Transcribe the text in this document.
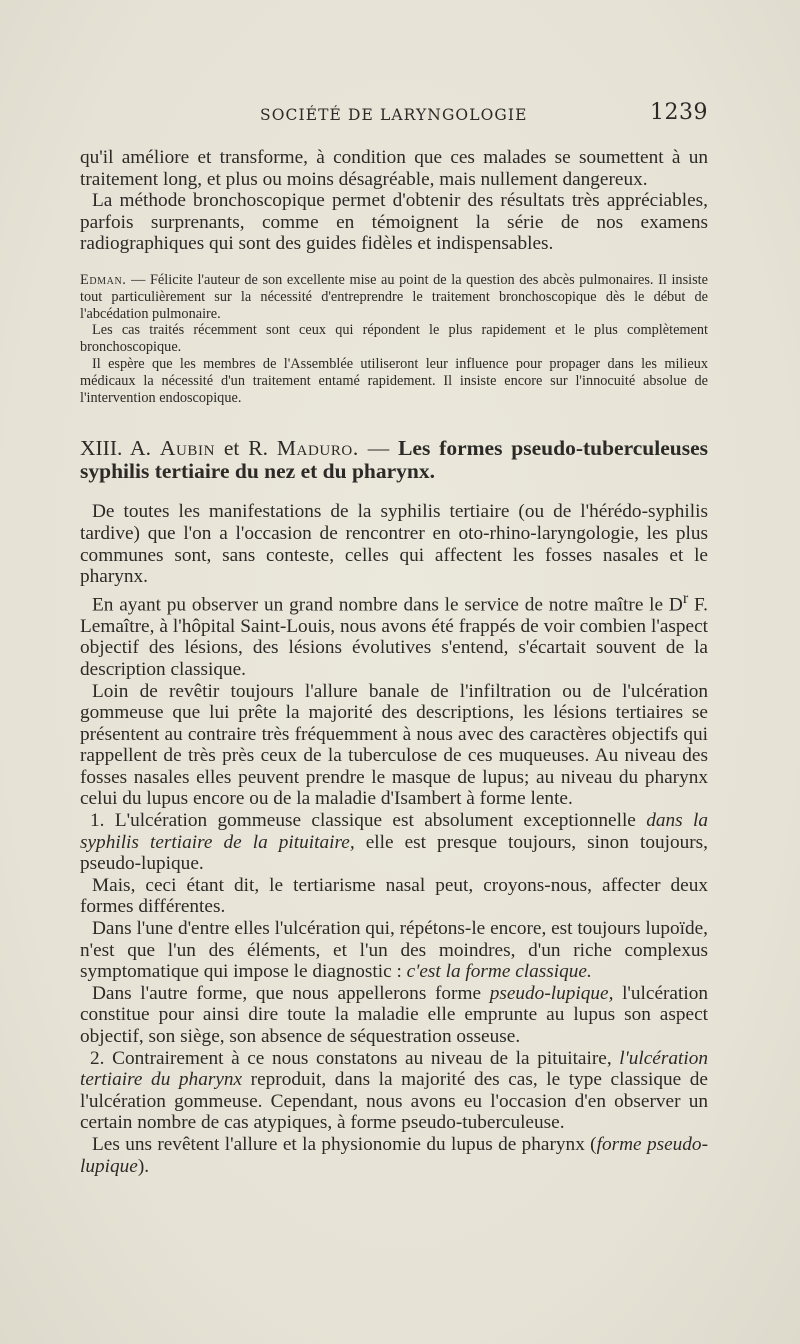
SOCIÉTÉ DE LARYNGOLOGIE	1239

qu'il améliore et transforme, à condition que ces malades se soumettent à un traitement long, et plus ou moins désagréable, mais nullement dangereux.

La méthode bronchoscopique permet d'obtenir des résultats très appréciables, parfois surprenants, comme en témoignent la série de nos examens radiographiques qui sont des guides fidèles et indispensables.

Edman. — Félicite l'auteur de son excellente mise au point de la question des abcès pulmonaires. Il insiste tout particulièrement sur la nécessité d'entreprendre le traitement bronchoscopique dès le début de l'abcédation pulmonaire.

Les cas traités récemment sont ceux qui répondent le plus rapidement et le plus complètement bronchoscopique.

Il espère que les membres de l'Assemblée utiliseront leur influence pour propager dans les milieux médicaux la nécessité d'un traitement entamé rapidement. Il insiste encore sur l'innocuité absolue de l'intervention endoscopique.

XIII. A. Aubin et R. Maduro. — Les formes pseudo-tuberculeuses syphilis tertiaire du nez et du pharynx.

De toutes les manifestations de la syphilis tertiaire (ou de l'hérédo-syphilis tardive) que l'on a l'occasion de rencontrer en oto-rhino-laryngologie, les plus communes sont, sans conteste, celles qui affectent les fosses nasales et le pharynx.

En ayant pu observer un grand nombre dans le service de notre maître le $D^r$ F. Lemaître, à l'hôpital Saint-Louis, nous avons été frappés de voir combien l'aspect objectif des lésions, des lésions évolutives s'entend, s'écartait souvent de la description classique.

Loin de revêtir toujours l'allure banale de l'infiltration ou de l'ulcération gommeuse que lui prête la majorité des descriptions, les lésions tertiaires se présentent au contraire très fréquemment à nous avec des caractères objectifs qui rappellent de très près ceux de la tuberculose de ces muqueuses. Au niveau des fosses nasales elles peuvent prendre le masque de lupus; au niveau du pharynx celui du lupus encore ou de la maladie d'Isambert à forme lente.

1. L'ulcération gommeuse classique est absolument exceptionnelle dans la syphilis tertiaire de la pituitaire, elle est presque toujours, sinon toujours, pseudo-lupique.

Mais, ceci étant dit, le tertiarisme nasal peut, croyons-nous, affecter deux formes différentes.

Dans l'une d'entre elles l'ulcération qui, répétons-le encore, est toujours lupoïde, n'est que l'un des éléments, et l'un des moindres, d'un riche complexus symptomatique qui impose le diagnostic : c'est la forme classique.

Dans l'autre forme, que nous appellerons forme pseudo-lupique, l'ulcération constitue pour ainsi dire toute la maladie elle emprunte au lupus son aspect objectif, son siège, son absence de séquestration osseuse.

2. Contrairement à ce nous constatons au niveau de la pituitaire, l'ulcération tertiaire du pharynx reproduit, dans la majorité des cas, le type classique de l'ulcération gommeuse. Cependant, nous avons eu l'occasion d'en observer un certain nombre de cas atypiques, à forme pseudo-tuberculeuse.

Les uns revêtent l'allure et la physionomie du lupus de pharynx (forme pseudo-lupique).
